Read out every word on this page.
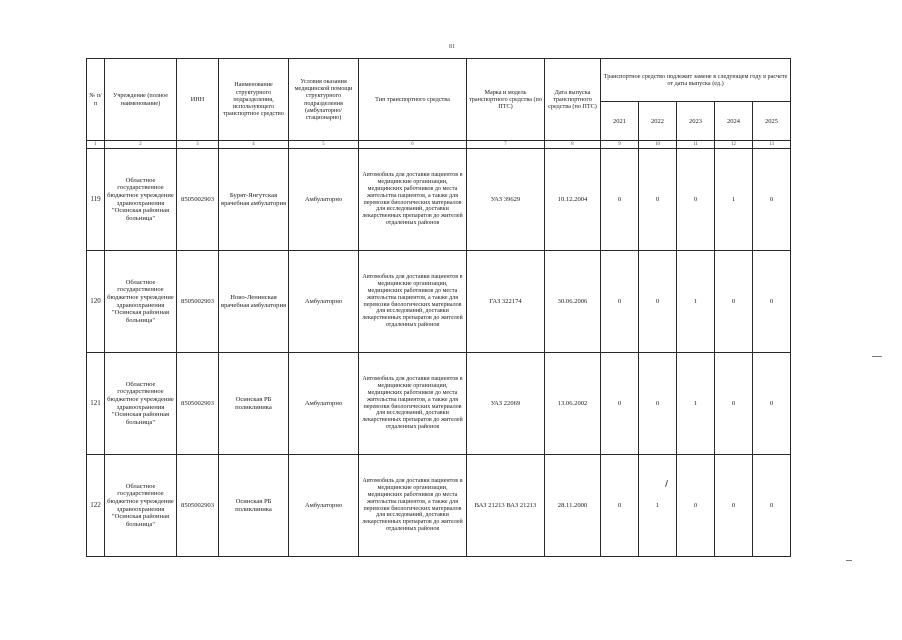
81
№ п/п	Учреждение (полное наименование)	ИНН	Наименование структурного подразделения, использующего транспортное средство	Условия оказания медицинской помощи структурного подразделения (амбулаторно/ стационарно)	Тип транспортного средства	Марка и модель транспортного средства (по ПТС)	Дата выпуска транспортного средства (по ПТС)	Транспортное средство подлежит замене в следующем году в расчете от даты выпуска (ед.)				
								2021	2022	2023	2024	2025
1	2	3	4	5	6	7	8	9	10	11	12	13
119	Областное государственное бюджетное учреждение здравоохранения "Осинская районная больница"	8505002903	Бурят-Янгутская врачебная амбулатория	Амбулаторно	Автомобиль для доставки пациентов в медицинские организации, медицинских работников до места жительства пациентов, а также для перевозки биологических материалов для исследований, доставки лекарственных препаратов до жителей отдаленных районов	УАЗ 39629	10.12.2004	0	0	0	1	0
120	Областное государственное бюджетное учреждение здравоохранения "Осинская районная больница"	8505002903	Ново-Ленинская врачебная амбулатория	Амбулаторно	Автомобиль для доставки пациентов в медицинские организации, медицинских работников до места жительства пациентов, а также для перевозки биологических материалов для исследований, доставки лекарственных препаратов до жителей отдаленных районов	ГАЗ 322174	30.06.2006	0	0	1	0	0
121	Областное государственное бюджетное учреждение здравоохранения "Осинская районная больница"	8505002903	Осинская РБ поликлиника	Амбулаторно	Автомобиль для доставки пациентов в медицинские организации, медицинских работников до места жительства пациентов, а также для перевозки биологических материалов для исследований, доставки лекарственных препаратов до жителей отдаленных районов	УАЗ 22069	13.06.2002	0	0	1	0	0
122	Областное государственное бюджетное учреждение здравоохранения "Осинская районная больница"	8505002903	Осинская РБ поликлиника	Амбулаторно	Автомобиль для доставки пациентов в медицинские организации, медицинских работников до места жительства пациентов, а также для перевозки биологических материалов для исследований, доставки лекарственных препаратов до жителей отдаленных районов	ВАЗ 21213 ВАЗ 21213	28.11.2000	0	1	0	0	0
